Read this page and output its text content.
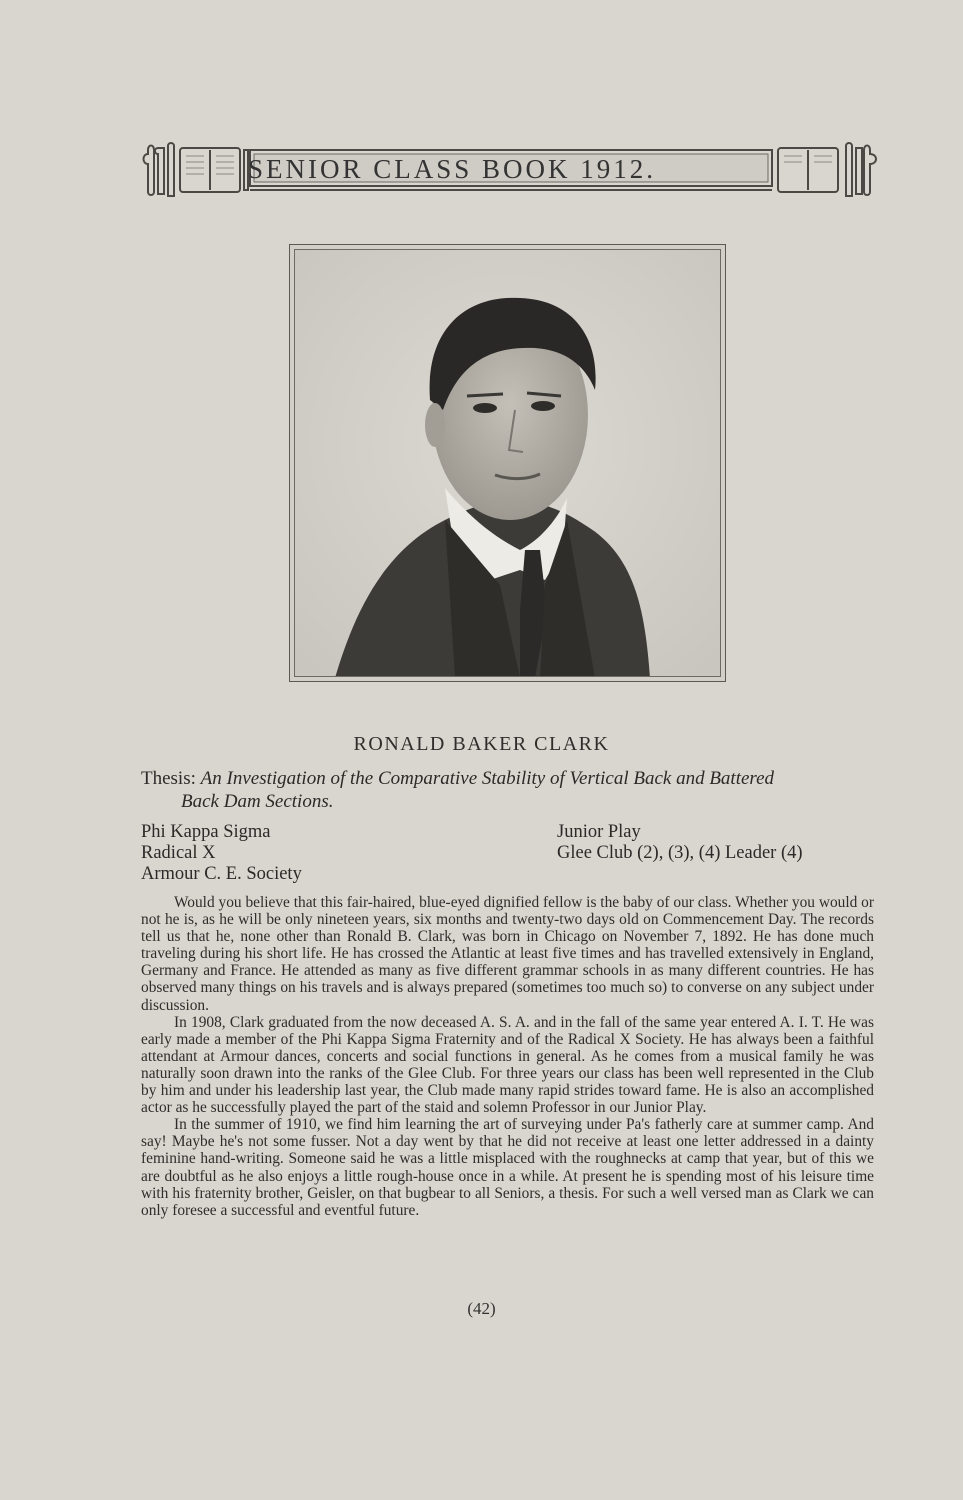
SENIOR CLASS BOOK 1912.
RONALD BAKER CLARK
Thesis: An Investigation of the Comparative Stability of Vertical Back and Battered
Back Dam Sections.
Phi Kappa Sigma
Radical X
Armour C. E. Society
Junior Play
Glee Club (2), (3), (4) Leader (4)

Would you believe that this fair-haired, blue-eyed dignified fellow is the baby of our class. Whether you would or not he is, as he will be only nineteen years, six months and twenty-two days old on Commencement Day. The records tell us that he, none other than Ronald B. Clark, was born in Chicago on November 7, 1892. He has done much traveling during his short life. He has crossed the Atlantic at least five times and has travelled extensively in England, Germany and France. He attended as many as five different grammar schools in as many different countries. He has observed many things on his travels and is always prepared (sometimes too much so) to converse on any subject under discussion.

In 1908, Clark graduated from the now deceased A. S. A. and in the fall of the same year entered A. I. T. He was early made a member of the Phi Kappa Sigma Fraternity and of the Radical X Society. He has always been a faithful attendant at Armour dances, concerts and social functions in general. As he comes from a musical family he was naturally soon drawn into the ranks of the Glee Club. For three years our class has been well represented in the Club by him and under his leadership last year, the Club made many rapid strides toward fame. He is also an accomplished actor as he successfully played the part of the staid and solemn Professor in our Junior Play.

In the summer of 1910, we find him learning the art of surveying under Pa's fatherly care at summer camp. And say! Maybe he's not some fusser. Not a day went by that he did not receive at least one letter addressed in a dainty feminine hand-writing. Someone said he was a little misplaced with the roughnecks at camp that year, but of this we are doubtful as he also enjoys a little rough-house once in a while. At present he is spending most of his leisure time with his fraternity brother, Geisler, on that bugbear to all Seniors, a thesis. For such a well versed man as Clark we can only foresee a successful and eventful future.

(42)
